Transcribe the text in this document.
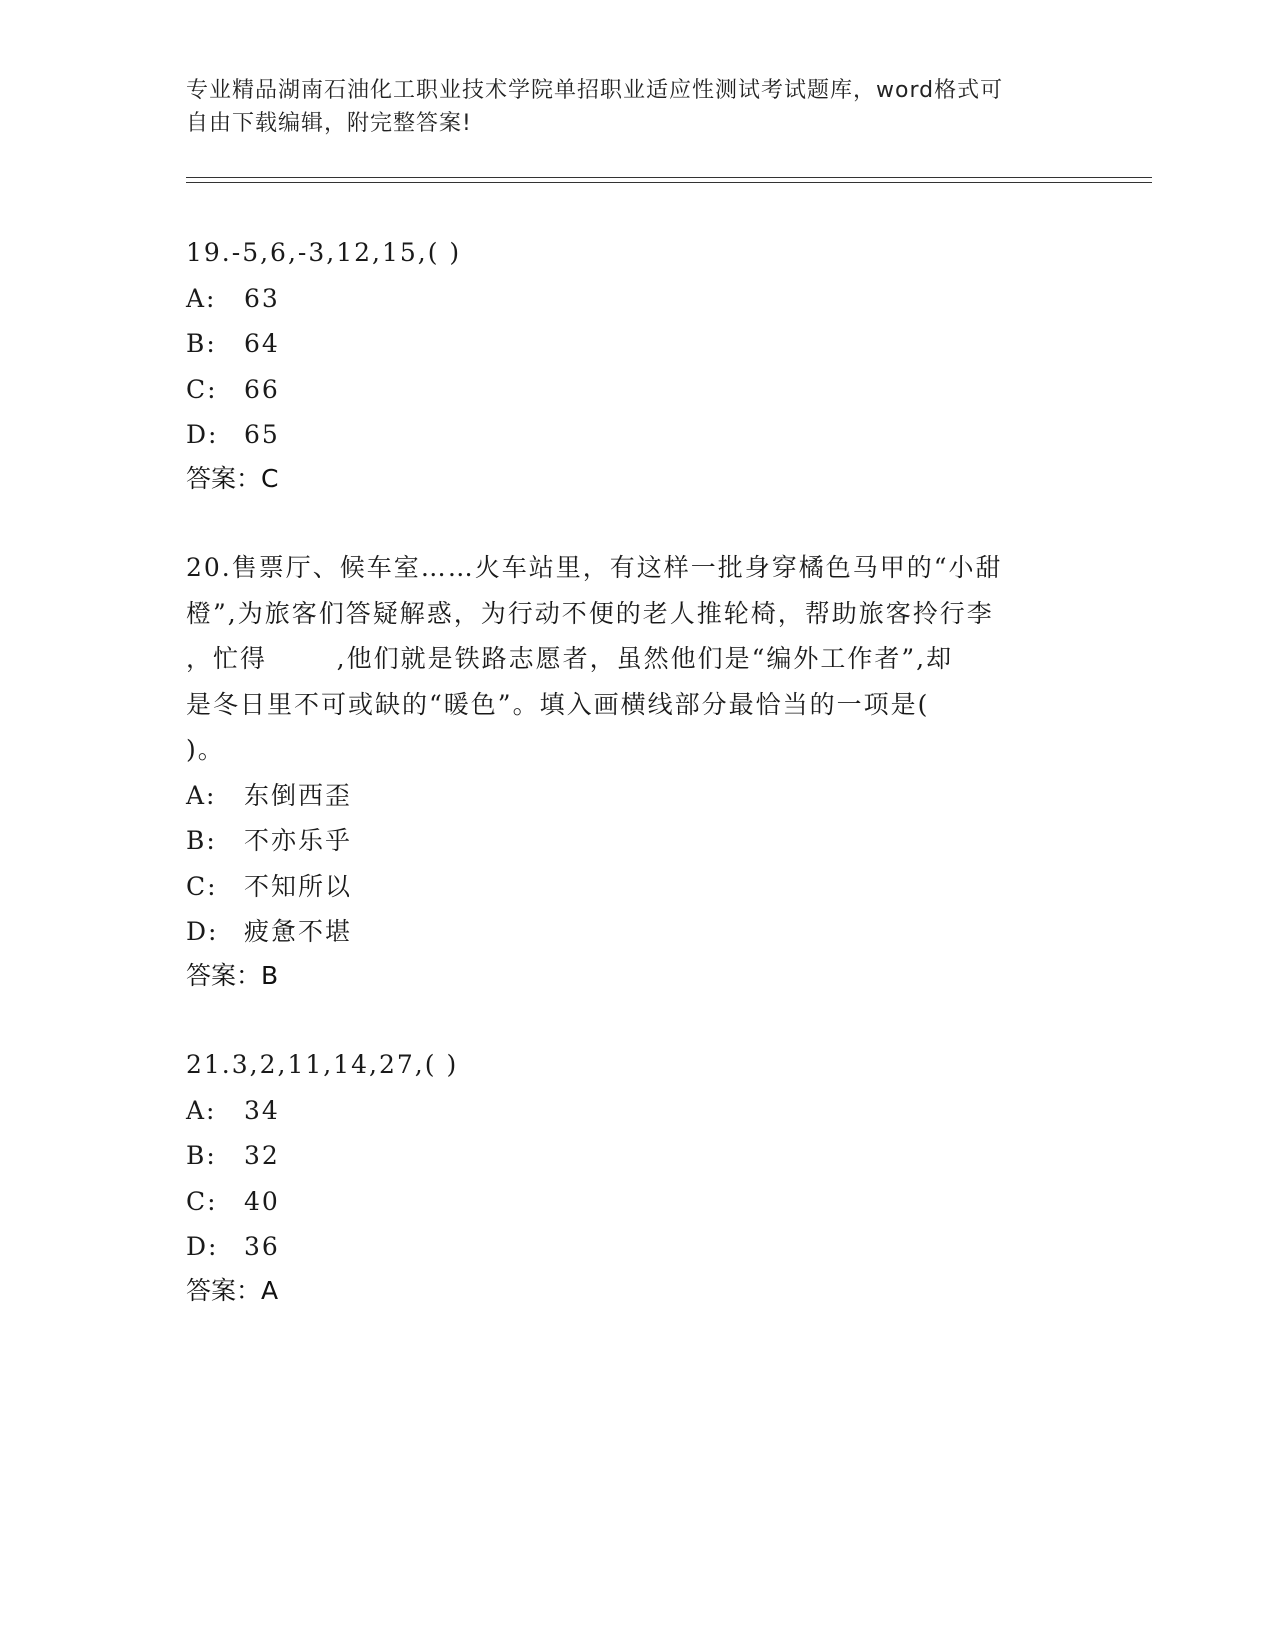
专业精品湖南石油化工职业技术学院单招职业适应性测试考试题库，word格式可
自由下载编辑，附完整答案!
19.-5,6,-3,12,15,( )
A: 63
B: 64
C: 66
D: 65
答案：C
20.售票厅、候车室……火车站里，有这样一批身穿橘色马甲的“小甜
橙”,为旅客们答疑解惑，为行动不便的老人推轮椅，帮助旅客拎行李
，忙得       ,他们就是铁路志愿者，虽然他们是“编外工作者”,却
是冬日里不可或缺的“暖色”。填入画横线部分最恰当的一项是(
)。
A: 东倒西歪
B: 不亦乐乎
C: 不知所以
D: 疲惫不堪
答案：B
21.3,2,11,14,27,( )
A: 34
B: 32
C: 40
D: 36
答案：A
